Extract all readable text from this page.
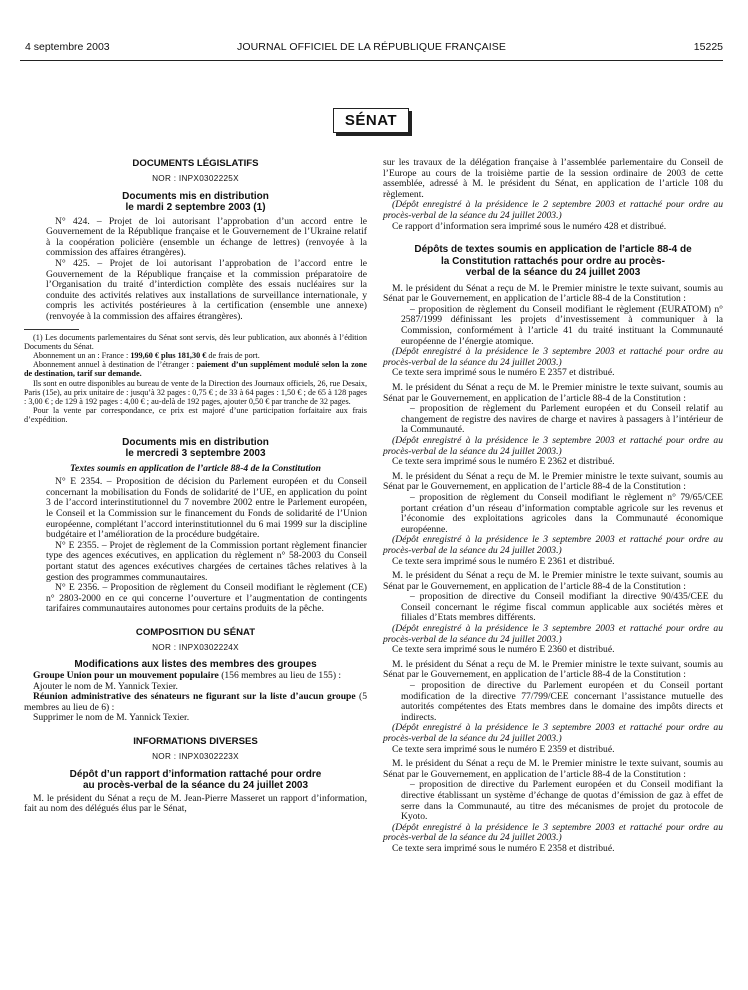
4 septembre 2003	JOURNAL OFFICIEL DE LA RÉPUBLIQUE FRANÇAISE	15225
SÉNAT
DOCUMENTS LÉGISLATIFS
NOR : INPX0302225X
Documents mis en distribution
le mardi 2 septembre 2003 (1)

N° 424. – Projet de loi autorisant l’approbation d’un accord entre le Gouvernement de la République française et le Gouvernement de l’Ukraine relatif à la coopération policière (ensemble un échange de lettres) (renvoyée à la commission des affaires étrangères).

N° 425. – Projet de loi autorisant l’approbation de l’accord entre le Gouvernement de la République française et la commission préparatoire de l’Organisation du traité d’interdiction complète des essais nucléaires sur la conduite des activités relatives aux installations de surveillance internationale, y compris les activités postérieures à la certification (ensemble une annexe) (renvoyée à la commission des affaires étrangères).

(1) Les documents parlementaires du Sénat sont servis, dès leur publication, aux abonnés à l’édition Documents du Sénat.

Abonnement un an : France : 199,60 € plus 181,30 € de frais de port.

Abonnement annuel à destination de l’étranger : paiement d’un supplément modulé selon la zone de destination, tarif sur demande.

Ils sont en outre disponibles au bureau de vente de la Direction des Journaux officiels, 26, rue Desaix, Paris (15e), au prix unitaire de : jusqu’à 32 pages : 0,75 € ; de 33 à 64 pages : 1,50 € ; de 65 à 128 pages : 3,00 € ; de 129 à 192 pages : 4,00 € ; au-delà de 192 pages, ajouter 0,50 € par tranche de 32 pages.

Pour la vente par correspondance, ce prix est majoré d’une participation forfaitaire aux frais d’expédition.

Documents mis en distribution
le mercredi 3 septembre 2003
Textes soumis en application de l’article 88-4 de la Constitution

N° E 2354. – Proposition de décision du Parlement européen et du Conseil concernant la mobilisation du Fonds de solidarité de l’UE, en application du point 3 de l’accord interinstitutionnel du 7 novembre 2002 entre le Parlement européen, le Conseil et la Commission sur le financement du Fonds de solidarité de l’Union européenne, complétant l’accord interinstitutionnel du 6 mai 1999 sur la discipline budgétaire et l’amélioration de la procédure budgétaire.

N° E 2355. – Projet de règlement de la Commission portant règlement financier type des agences exécutives, en application du règlement n° 58-2003 du Conseil portant statut des agences exécutives chargées de certaines tâches relatives à la gestion des programmes communautaires.

N° E 2356. – Proposition de règlement du Conseil modifiant le règlement (CE) n° 2803-2000 en ce qui concerne l’ouverture et l’augmentation de contingents tarifaires communautaires autonomes pour certains produits de la pêche.

COMPOSITION DU SÉNAT
NOR : INPX0302224X
Modifications aux listes des membres des groupes

Groupe Union pour un mouvement populaire (156 membres au lieu de 155) :

Ajouter le nom de M. Yannick Texier.

Réunion administrative des sénateurs ne figurant sur la liste d’aucun groupe (5 membres au lieu de 6) :

Supprimer le nom de M. Yannick Texier.

INFORMATIONS DIVERSES
NOR : INPX0302223X
Dépôt d’un rapport d’information rattaché pour ordre
au procès-verbal de la séance du 24 juillet 2003

M. le président du Sénat a reçu de M. Jean-Pierre Masseret un rapport d’information, fait au nom des délégués élus par le Sénat,

sur les travaux de la délégation française à l’assemblée parlementaire du Conseil de l’Europe au cours de la troisième partie de la session ordinaire de 2003 de cette assemblée, adressé à M. le président du Sénat, en application de l’article 108 du règlement.

(Dépôt enregistré à la présidence le 2 septembre 2003 et rattaché pour ordre au procès-verbal de la séance du 24 juillet 2003.)

Ce rapport d’information sera imprimé sous le numéro 428 et distribué.

Dépôts de textes soumis en application de l’article 88-4 de
la Constitution rattachés pour ordre au procès-
verbal de la séance du 24 juillet 2003

M. le président du Sénat a reçu de M. le Premier ministre le texte suivant, soumis au Sénat par le Gouvernement, en application de l’article 88-4 de la Constitution :

– proposition de règlement du Conseil modifiant le règlement (EURATOM) n° 2587/1999 définissant les projets d’investissement à communiquer à la Commission, conformément à l’article 41 du traité instituant la Communauté européenne de l’énergie atomique.

(Dépôt enregistré à la présidence le 3 septembre 2003 et rattaché pour ordre au procès-verbal de la séance du 24 juillet 2003.)

Ce texte sera imprimé sous le numéro E 2357 et distribué.

M. le président du Sénat a reçu de M. le Premier ministre le texte suivant, soumis au Sénat par le Gouvernement, en application de l’article 88-4 de la Constitution :

– proposition de règlement du Parlement européen et du Conseil relatif au changement de registre des navires de charge et navires à passagers à l’intérieur de la Communauté.

(Dépôt enregistré à la présidence le 3 septembre 2003 et rattaché pour ordre au procès-verbal de la séance du 24 juillet 2003.)

Ce texte sera imprimé sous le numéro E 2362 et distribué.

M. le président du Sénat a reçu de M. le Premier ministre le texte suivant, soumis au Sénat par le Gouvernement, en application de l’article 88-4 de la Constitution :

– proposition de règlement du Conseil modifiant le règlement n° 79/65/CEE portant création d’un réseau d’information comptable agricole sur les revenus et l’économie des exploitations agricoles dans la Communauté économique européenne.

(Dépôt enregistré à la présidence le 3 septembre 2003 et rattaché pour ordre au procès-verbal de la séance du 24 juillet 2003.)

Ce texte sera imprimé sous le numéro E 2361 et distribué.

M. le président du Sénat a reçu de M. le Premier ministre le texte suivant, soumis au Sénat par le Gouvernement, en application de l’article 88-4 de la Constitution :

– proposition de directive du Conseil modifiant la directive 90/435/CEE du Conseil concernant le régime fiscal commun applicable aux sociétés mères et filiales d’Etats membres différents.

(Dépôt enregistré à la présidence le 3 septembre 2003 et rattaché pour ordre au procès-verbal de la séance du 24 juillet 2003.)

Ce texte sera imprimé sous le numéro E 2360 et distribué.

M. le président du Sénat a reçu de M. le Premier ministre le texte suivant, soumis au Sénat par le Gouvernement, en application de l’article 88-4 de la Constitution :

– proposition de directive du Parlement européen et du Conseil portant modification de la directive 77/799/CEE concernant l’assistance mutuelle des autorités compétentes des Etats membres dans le domaine des impôts directs et indirects.

(Dépôt enregistré à la présidence le 3 septembre 2003 et rattaché pour ordre au procès-verbal de la séance du 24 juillet 2003.)

Ce texte sera imprimé sous le numéro E 2359 et distribué.

M. le président du Sénat a reçu de M. le Premier ministre le texte suivant, soumis au Sénat par le Gouvernement, en application de l’article 88-4 de la Constitution :

– proposition de directive du Parlement européen et du Conseil modifiant la directive établissant un système d’échange de quotas d’émission de gaz à effet de serre dans la Communauté, au titre des mécanismes de projet du protocole de Kyoto.

(Dépôt enregistré à la présidence le 3 septembre 2003 et rattaché pour ordre au procès-verbal de la séance du 24 juillet 2003.)

Ce texte sera imprimé sous le numéro E 2358 et distribué.
